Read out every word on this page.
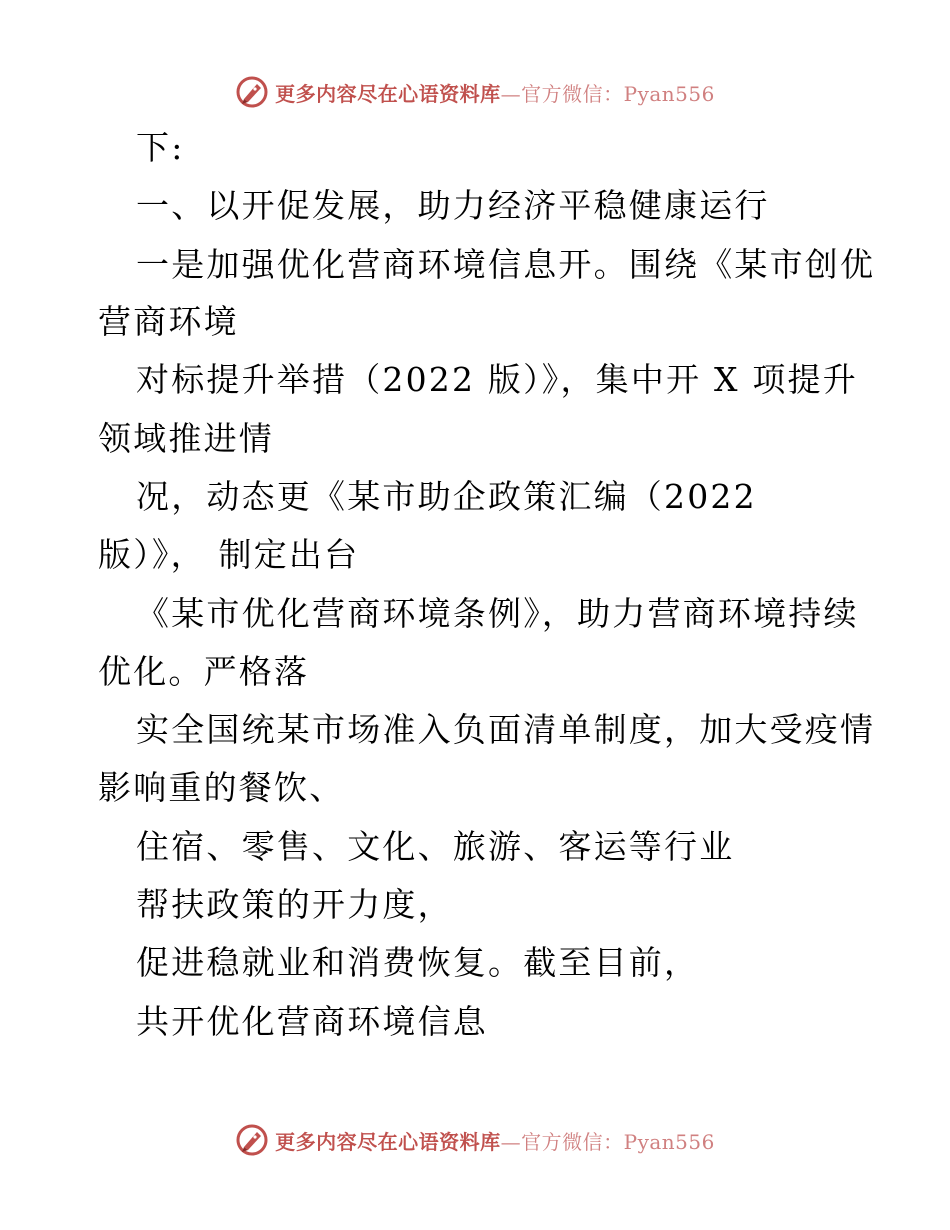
更多内容尽在心语资料库—官方微信：Pyan556
下:
一、以开促发展，助力经济平稳健康运行
一是加强优化营商环境信息开。围绕《某市创优
营商环境
对标提升举措（2022 版）》，集中开 X 项提升
领域推进情
况，动态更《某市助企政策汇编（2022
版）》， 制定出台
《某市优化营商环境条例》，助力营商环境持续
优化。严格落
实全国统某市场准入负面清单制度，加大受疫情
影响重的餐饮、
住宿、零售、文化、旅游、客运等行业
帮扶政策的开力度，
促进稳就业和消费恢复。截至目前，
共开优化营商环境信息
更多内容尽在心语资料库—官方微信：Pyan556
